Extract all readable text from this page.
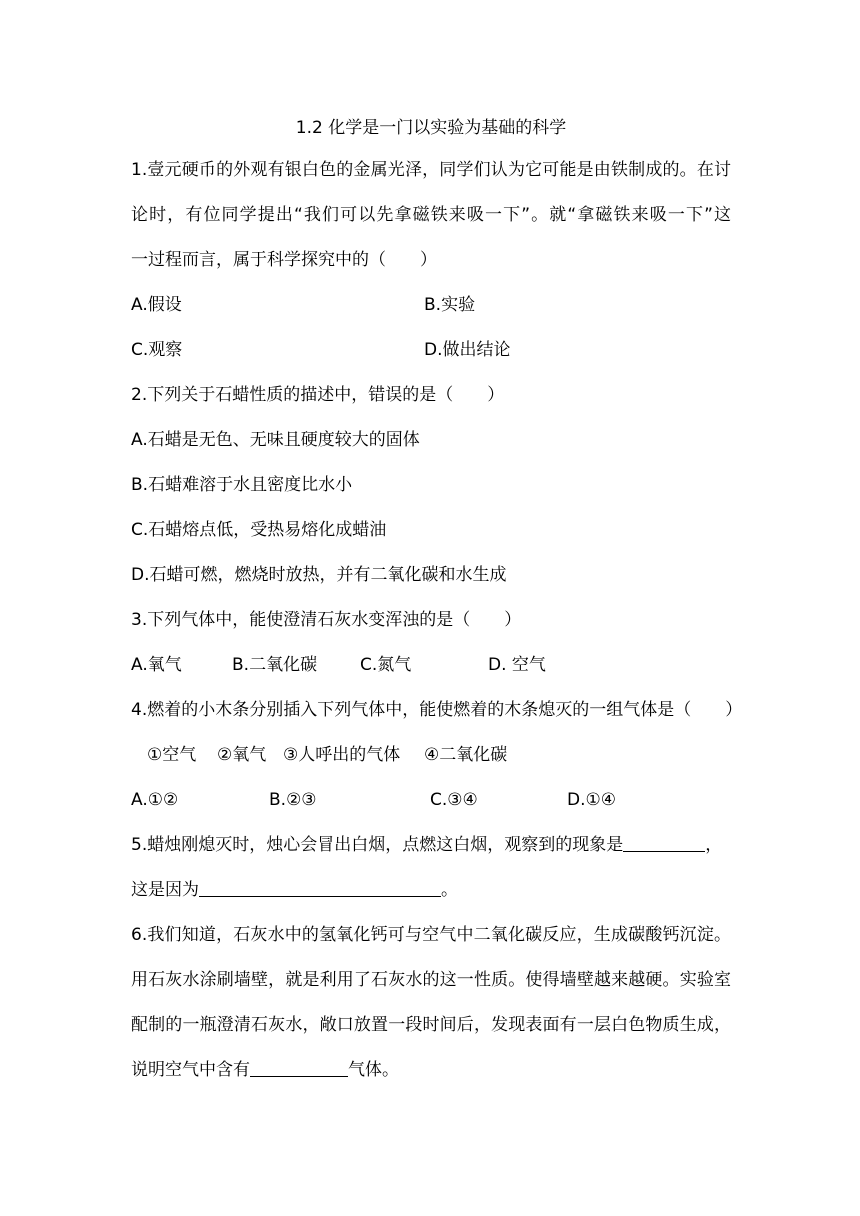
1.2 化学是一门以实验为基础的科学
1.壹元硬币的外观有银白色的金属光泽，同学们认为它可能是由铁制成的。在讨
论时，有位同学提出“我们可以先拿磁铁来吸一下”。就“拿磁铁来吸一下”这
一过程而言，属于科学探究中的（　　）
A.假设	B.实验
C.观察	D.做出结论
2.下列关于石蜡性质的描述中，错误的是（　　）
A.石蜡是无色、无味且硬度较大的固体
B.石蜡难溶于水且密度比水小
C.石蜡熔点低，受热易熔化成蜡油
D.石蜡可燃，燃烧时放热，并有二氧化碳和水生成
3.下列气体中，能使澄清石灰水变浑浊的是（　　）
A.氧气	B.二氧化碳	C.氮气	D. 空气
4.燃着的小木条分别插入下列气体中，能使燃着的木条熄灭的一组气体是（　　）
①空气	②氧气 ③人呼出的气体	④二氧化碳
A.①②	B.②③	C.③④	D.①④
5.蜡烛刚熄灭时，烛心会冒出白烟，点燃这白烟，观察到的现象是	，
这是因为	。
6.我们知道，石灰水中的氢氧化钙可与空气中二氧化碳反应，生成碳酸钙沉淀。
用石灰水涂刷墙壁，就是利用了石灰水的这一性质。使得墙壁越来越硬。实验室
配制的一瓶澄清石灰水，敞口放置一段时间后，发现表面有一层白色物质生成，
说明空气中含有	气体。
